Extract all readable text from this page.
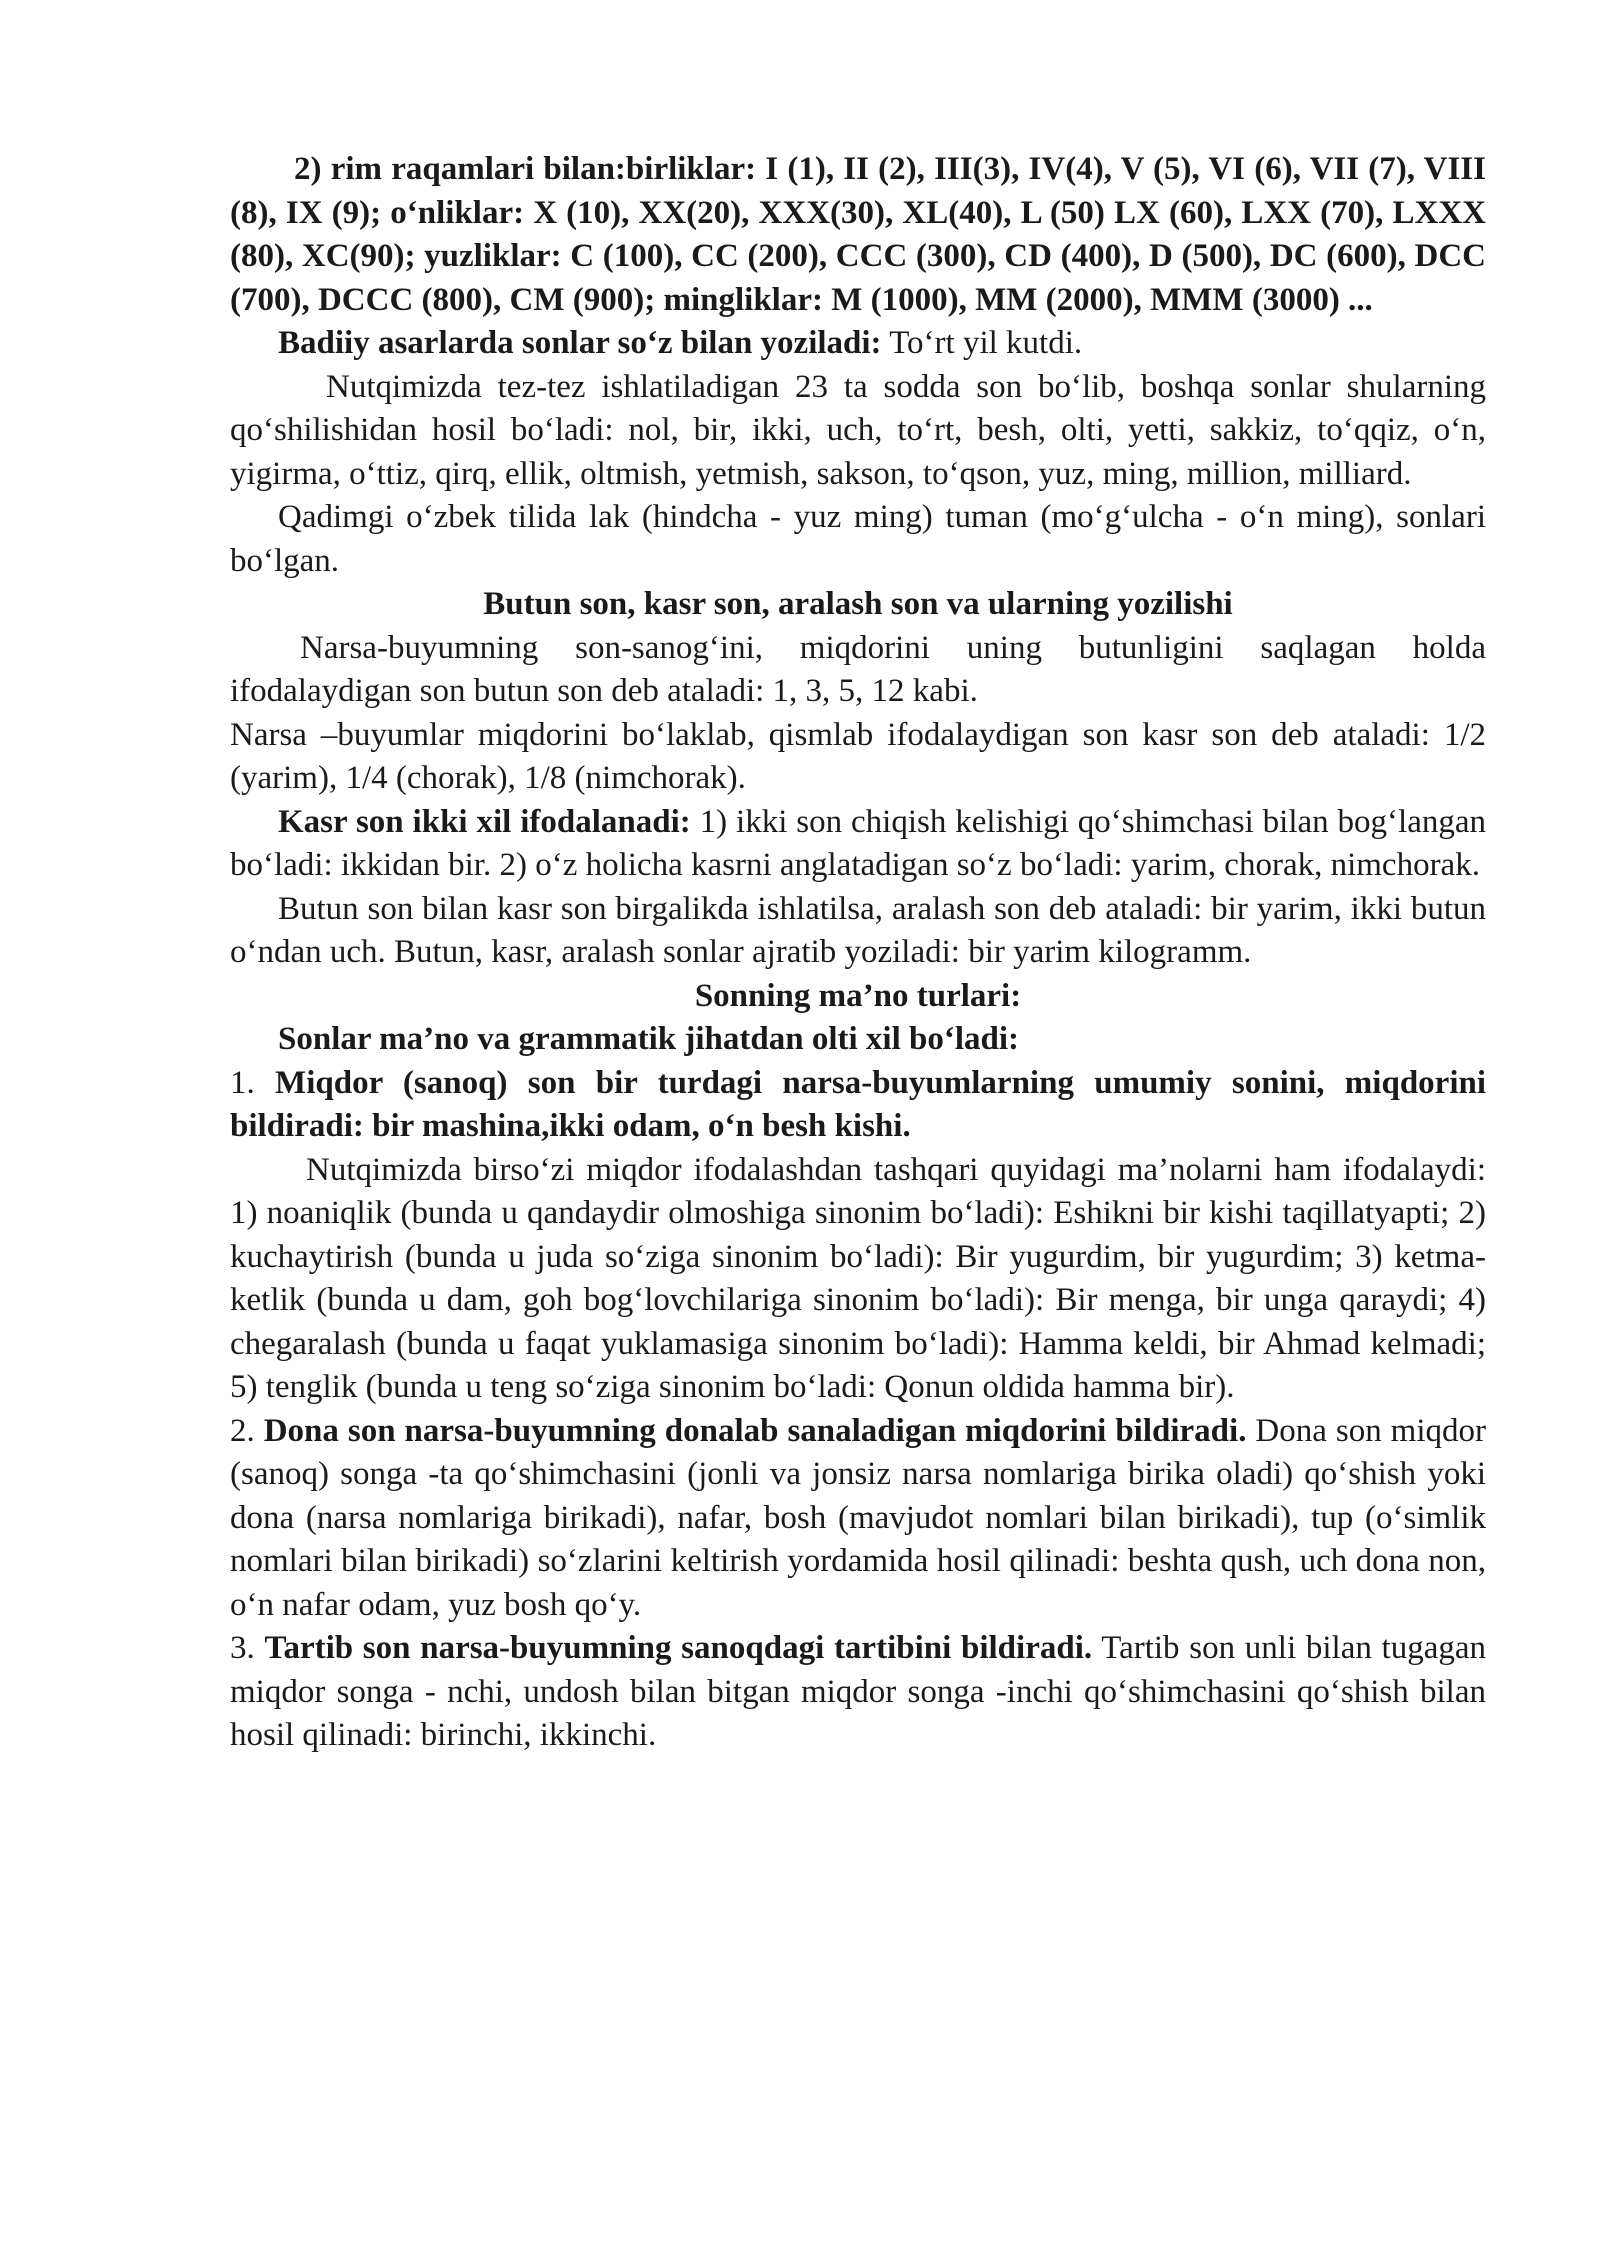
2) rim raqamlari bilan:birliklar: I (1), II (2), III(3), IV(4), V (5), VI (6), VII (7), VIII (8), IX (9); o‘nliklar: X (10), XX(20), XXX(30), XL(40), L (50) LX (60), LXX (70), LXXX (80), XC(90); yuzliklar: C (100), CC (200), CCC (300), CD (400), D (500), DC (600), DCC (700), DCCC (800), CM (900); mingliklar: M (1000), MM (2000), MMM (3000) ...

Badiiy asarlarda sonlar so‘z bilan yoziladi: To‘rt yil kutdi.

Nutqimizda tez-tez ishlatiladigan 23 ta sodda son bo‘lib, boshqa sonlar shularning qo‘shilishidan hosil bo‘ladi: nol, bir, ikki, uch, to‘rt, besh, olti, yetti, sakkiz, to‘qqiz, o‘n, yigirma, o‘ttiz, qirq, ellik, oltmish, yetmish, sakson, to‘qson, yuz, ming, million, milliard.

Qadimgi o‘zbek tilida lak (hindcha - yuz ming) tuman (mo‘g‘ulcha - o‘n ming), sonlari bo‘lgan.

Butun son, kasr son, aralash son va ularning yozilishi

Narsa-buyumning son-sanog‘ini, miqdorini uning butunligini saqlagan holda ifodalaydigan son butun son deb ataladi: 1, 3, 5, 12 kabi.

Narsa –buyumlar miqdorini bo‘laklab, qismlab ifodalaydigan son kasr son deb ataladi: 1/2 (yarim), 1/4 (chorak), 1/8 (nimchorak).

Kasr son ikki xil ifodalanadi: 1) ikki son chiqish kelishigi qo‘shimchasi bilan bog‘langan bo‘ladi: ikkidan bir. 2) o‘z holicha kasrni anglatadigan so‘z bo‘ladi: yarim, chorak, nimchorak.

Butun son bilan kasr son birgalikda ishlatilsa, aralash son deb ataladi: bir yarim, ikki butun o‘ndan uch. Butun, kasr, aralash sonlar ajratib yoziladi: bir yarim kilogramm.

Sonning ma’no turlari:

Sonlar ma’no va grammatik jihatdan olti xil bo‘ladi:

1. Miqdor (sanoq) son bir turdagi narsa-buyumlarning umumiy sonini, miqdorini bildiradi: bir mashina,ikki odam, o‘n besh kishi.

Nutqimizda birso‘zi miqdor ifodalashdan tashqari quyidagi ma’nolarni ham ifodalaydi: 1) noaniqlik (bunda u qandaydir olmoshiga sinonim bo‘ladi): Eshikni bir kishi taqillatyapti; 2) kuchaytirish (bunda u juda so‘ziga sinonim bo‘ladi): Bir yugurdim, bir yugurdim; 3) ketma-ketlik (bunda u dam, goh bog‘lovchilariga sinonim bo‘ladi): Bir menga, bir unga qaraydi; 4) chegaralash (bunda u faqat yuklamasiga sinonim bo‘ladi): Hamma keldi, bir Ahmad kelmadi; 5) tenglik (bunda u teng so‘ziga sinonim bo‘ladi: Qonun oldida hamma bir).

2. Dona son narsa-buyumning donalab sanaladigan miqdorini bildiradi. Dona son miqdor (sanoq) songa -ta qo‘shimchasini (jonli va jonsiz narsa nomlariga birika oladi) qo‘shish yoki dona (narsa nomlariga birikadi), nafar, bosh (mavjudot nomlari bilan birikadi), tup (o‘simlik nomlari bilan birikadi) so‘zlarini keltirish yordamida hosil qilinadi: beshta qush, uch dona non, o‘n nafar odam, yuz bosh qo‘y.

3. Tartib son narsa-buyumning sanoqdagi tartibini bildiradi. Tartib son unli bilan tugagan miqdor songa - nchi, undosh bilan bitgan miqdor songa -inchi qo‘shimchasini qo‘shish bilan hosil qilinadi: birinchi, ikkinchi.
